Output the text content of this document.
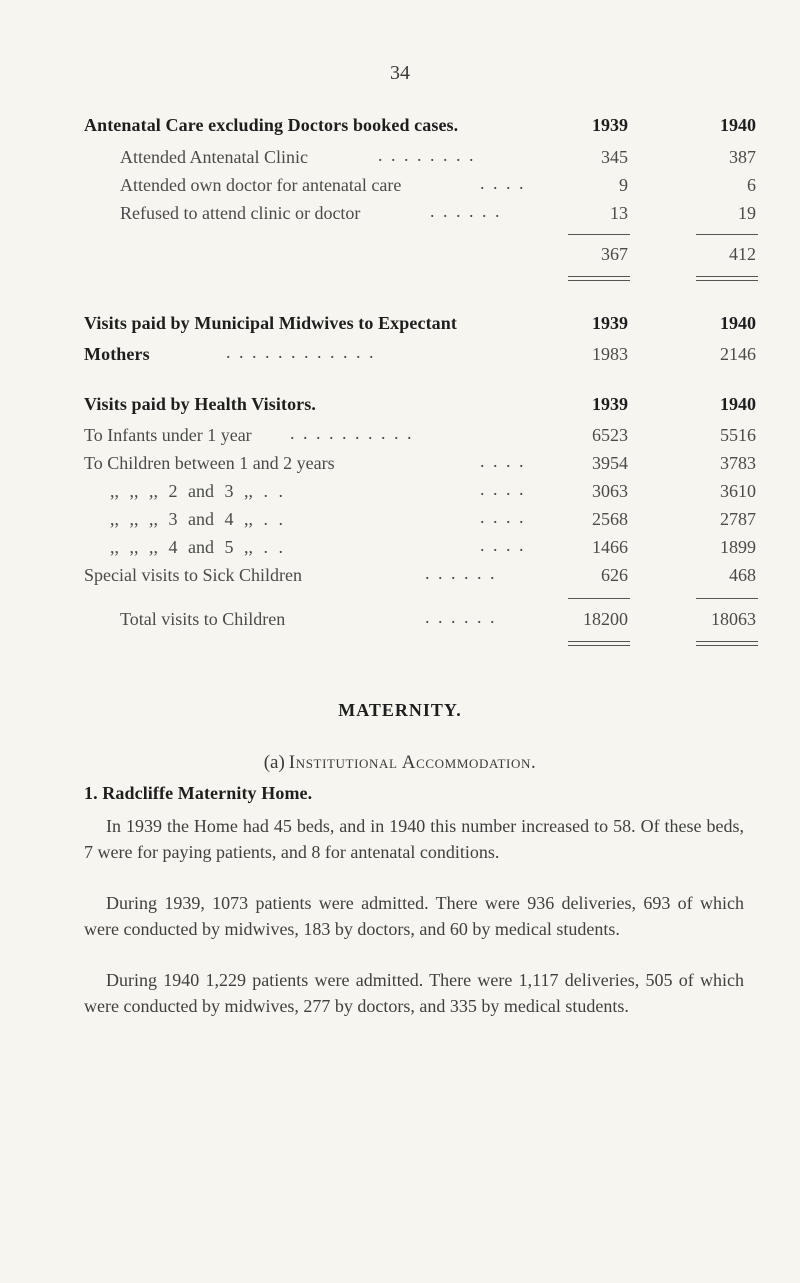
34
Antenatal Care excluding Doctors booked cases.	1939	1940
Attended Antenatal Clinic	. . . . . . . .	345	387
Attended own doctor for antenatal care	. . . .	9	6
Refused to attend clinic or doctor	. . . . . .	13	19
367	412
Visits paid by Municipal Midwives to Expectant	1939	1940
Mothers	. . . . . . . . . . . .	1983	2146
Visits paid by Health Visitors.	1939	1940
To Infants under 1 year . . . . . . . . . .	6523	5516
To Children between 1 and 2 years	. . . .	3954	3783
,, ,, ,, 2 and 3 ,, . .	. . . .	3063	3610
,, ,, ,, 3 and 4 ,, . .	. . . .	2568	2787
,, ,, ,, 4 and 5 ,, . .	. . . .	1466	1899
Special visits to Sick Children	. . . . . .	626	468
Total visits to Children	. . . . . .	18200	18063
MATERNITY.
(a) Institutional Accommodation.
1. Radcliffe Maternity Home.
In 1939 the Home had 45 beds, and in 1940 this number increased to 58. Of these beds, 7 were for paying patients, and 8 for antenatal conditions.
During 1939, 1073 patients were admitted. There were 936 deliveries, 693 of which were conducted by midwives, 183 by doctors, and 60 by medical students.
During 1940 1,229 patients were admitted. There were 1,117 deliveries, 505 of which were conducted by midwives, 277 by doctors, and 335 by medical students.
